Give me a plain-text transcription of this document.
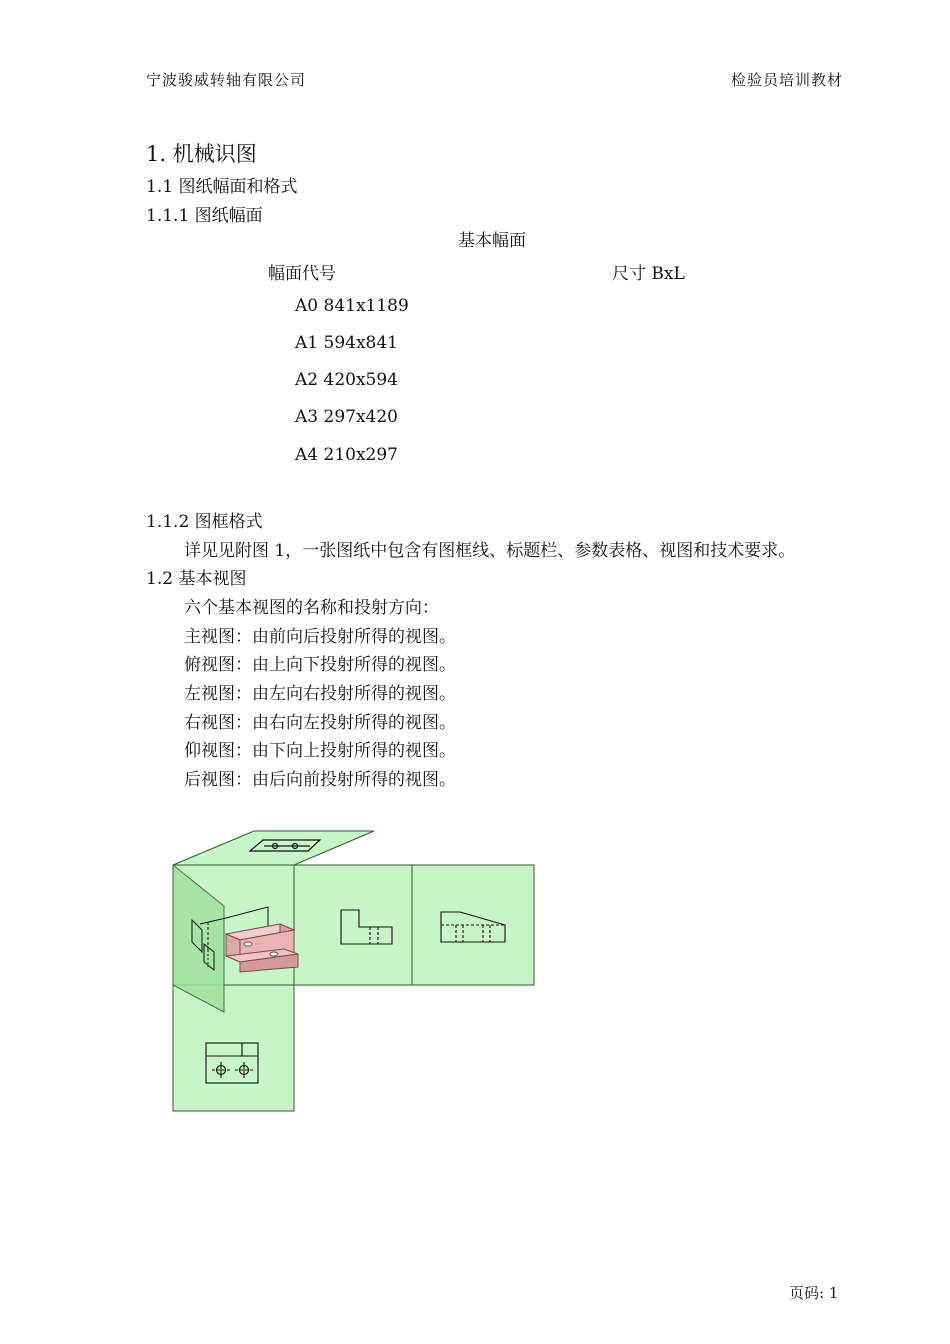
宁波骏威转轴有限公司	检验员培训教材
1. 机械识图
1.1 图纸幅面和格式
1.1.1 图纸幅面
基本幅面
幅面代号	尺寸 BxL
A0 841x1189
A1 594x841
A2 420x594
A3 297x420
A4 210x297
1.1.2 图框格式
详见见附图 1，一张图纸中包含有图框线、标题栏、参数表格、视图和技术要求。
1.2 基本视图
六个基本视图的名称和投射方向：
主视图：由前向后投射所得的视图。
俯视图：由上向下投射所得的视图。
左视图：由左向右投射所得的视图。
右视图：由右向左投射所得的视图。
仰视图：由下向上投射所得的视图。
后视图：由后向前投射所得的视图。
页码: 1
